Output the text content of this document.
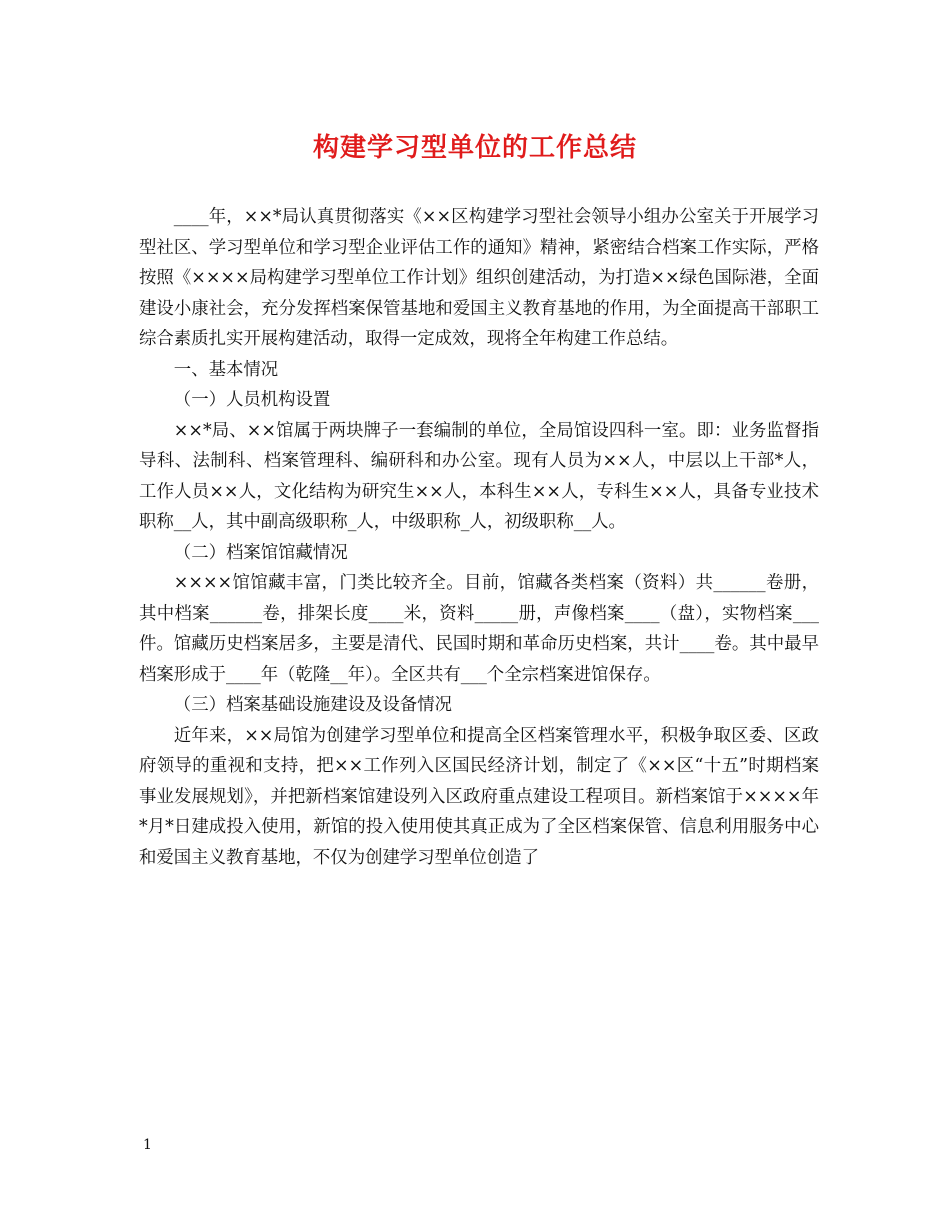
构建学习型单位的工作总结

____年，××*局认真贯彻落实《××区构建学习型社会领导小组办公室关于开展学习型社区、学习型单位和学习型企业评估工作的通知》精神，紧密结合档案工作实际，严格按照《××××局构建学习型单位工作计划》组织创建活动，为打造××绿色国际港，全面建设小康社会，充分发挥档案保管基地和爱国主义教育基地的作用，为全面提高干部职工综合素质扎实开展构建活动，取得一定成效，现将全年构建工作总结。

一、基本情况

（一）人员机构设置

××*局、××馆属于两块牌子一套编制的单位，全局馆设四科一室。即：业务监督指导科、法制科、档案管理科、编研科和办公室。现有人员为××人，中层以上干部*人，工作人员××人，文化结构为研究生××人，本科生××人，专科生××人，具备专业技术职称__人，其中副高级职称_人，中级职称_人，初级职称__人。

（二）档案馆馆藏情况

××××馆馆藏丰富，门类比较齐全。目前，馆藏各类档案（资料）共______卷册，其中档案______卷，排架长度____米，资料_____册，声像档案____（盘），实物档案___件。馆藏历史档案居多，主要是清代、民国时期和革命历史档案，共计____卷。其中最早档案形成于____年（乾隆__年）。全区共有___个全宗档案进馆保存。

（三）档案基础设施建设及设备情况

近年来，××局馆为创建学习型单位和提高全区档案管理水平，积极争取区委、区政府领导的重视和支持，把××工作列入区国民经济计划，制定了《××区“十五”时期档案事业发展规划》，并把新档案馆建设列入区政府重点建设工程项目。新档案馆于××××年*月*日建成投入使用，新馆的投入使用使其真正成为了全区档案保管、信息利用服务中心和爱国主义教育基地，不仅为创建学习型单位创造了

1
